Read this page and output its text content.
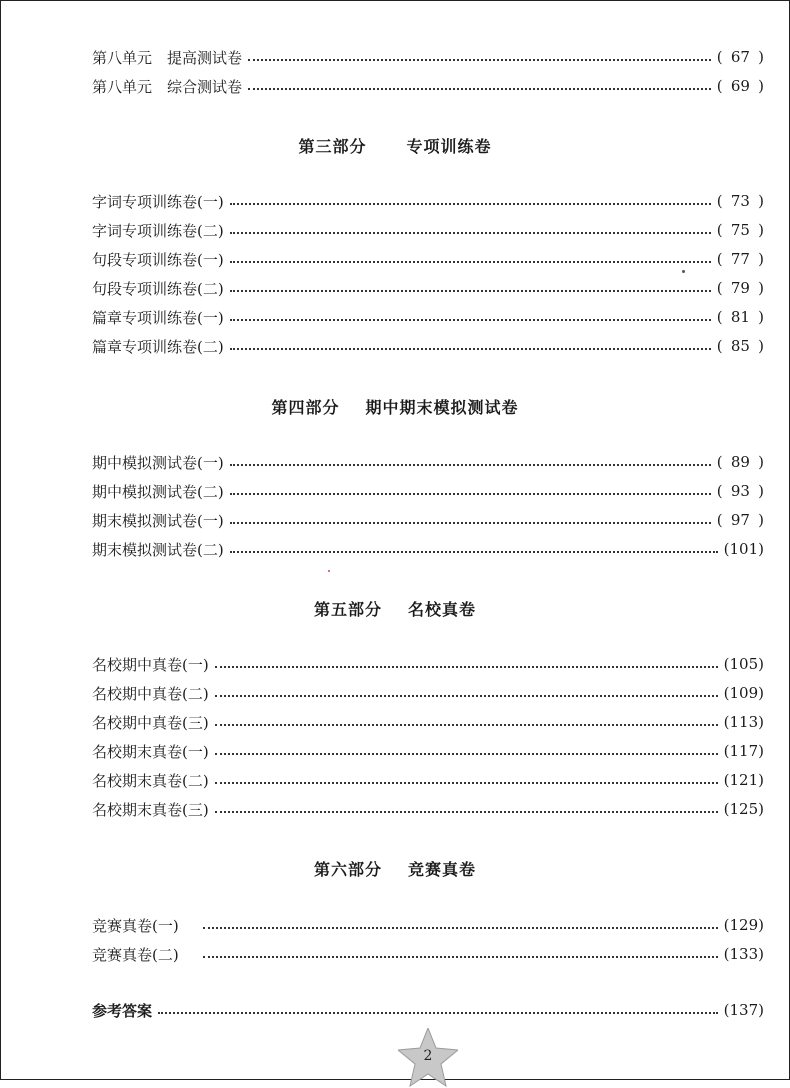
第八单元　提高测试卷	( 67 )
第八单元　综合测试卷	( 69 )
第三部分	专项训练卷
字词专项训练卷(一)	( 73 )
字词专项训练卷(二)	( 75 )
句段专项训练卷(一)	( 77 )
句段专项训练卷(二)	( 79 )
篇章专项训练卷(一)	( 81 )
篇章专项训练卷(二)	( 85 )
第四部分 期中期末模拟测试卷
期中模拟测试卷(一)	( 89 )
期中模拟测试卷(二)	( 93 )
期末模拟测试卷(一)	( 97 )
期末模拟测试卷(二)	(101)
第五部分 名校真卷
名校期中真卷(一)	(105)
名校期中真卷(二)	(109)
名校期中真卷(三)	(113)
名校期末真卷(一)	(117)
名校期末真卷(二)	(121)
名校期末真卷(三)	(125)
第六部分 竞赛真卷
竞赛真卷(一)	(129)
竞赛真卷(二)	(133)
参考答案	(137)
2
